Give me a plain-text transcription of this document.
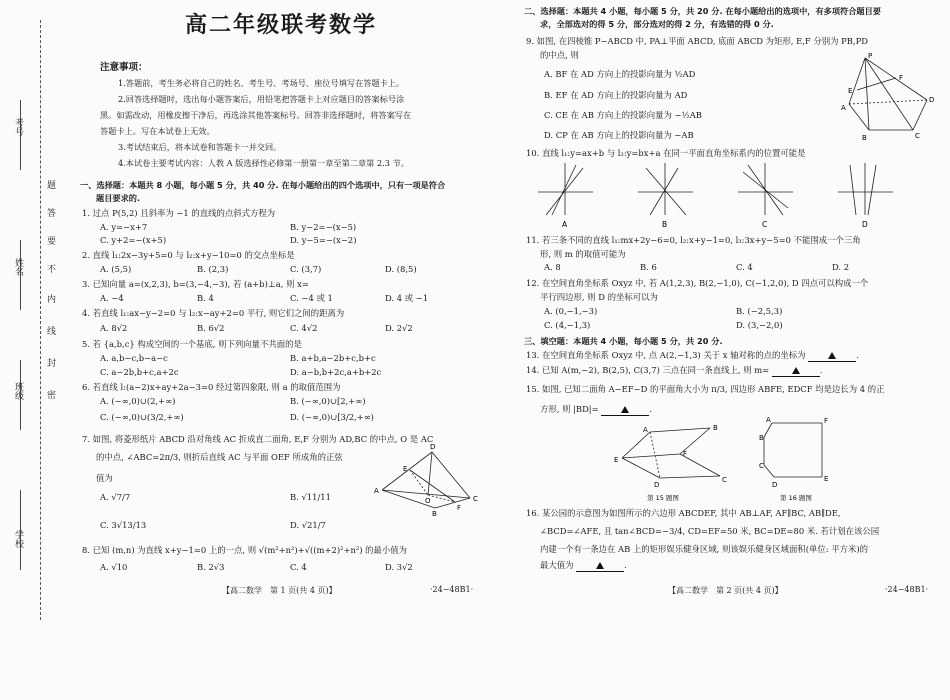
考号
姓名
班级
学校
题
答
要
不
内
线
封
密
高二年级联考数学
注意事项：
1.答题前，考生务必将自己的姓名、考生号、考场号、座位号填写在答题卡上。
2.回答选择题时，选出每小题答案后，用铅笔把答题卡上对应题目的答案标号涂
黑。如需改动，用橡皮擦干净后，再选涂其他答案标号。回答非选择题时，将答案写在
答题卡上。写在本试卷上无效。
3.考试结束后，将本试卷和答题卡一并交回。
4.本试卷主要考试内容：人教 A 版选择性必修第一册第一章至第二章第 2.3 节。
一、选择题：本题共 8 小题，每小题 5 分，共 40 分. 在每小题给出的四个选项中，只有一项是符合
题目要求的.
1. 过点 P(5,2) 且斜率为 −1 的直线的点斜式方程为
A. y=−x+7	B. y−2=−(x−5)
C. y+2=−(x+5)	D. y−5=−(x−2)
2. 直线 l₁:2x−3y+5=0 与 l₂:x+y−10=0 的交点坐标是
A. (5,5)	B. (2,3)	C. (3,7)	D. (8,5)
3. 已知向量 a=(x,2,3), b=(3,−4,−3), 若 (a+b)⊥a, 则 x=
A. −4	B. 4	C. −4 或 1	D. 4 或 −1
4. 若直线 l₁:ax−y−2=0 与 l₂:x−ay+2=0 平行, 则它们之间的距离为
A. 8√2	B. 6√2	C. 4√2	D. 2√2
5. 若 {a,b,c} 构成空间的一个基底, 则下列向量不共面的是
A. a,b−c,b−a−c	B. a+b,a−2b+c,b+c
C. a−2b,b+c,a+2c	D. a−b,b+2c,a+b+2c
6. 若直线 l:(a−2)x+ay+2a−3=0 经过第四象限, 则 a 的取值范围为
A. (−∞,0)∪(2,+∞)	B. (−∞,0)∪[2,+∞)
C. (−∞,0)∪(3/2,+∞)	D. (−∞,0)∪[3/2,+∞)
7. 如图, 将菱形纸片 ABCD 沿对角线 AC 折成直二面角, E,F 分别为 AD,BC 的中点, O 是 AC
的中点, ∠ABC=2π/3, 则折后直线 AC 与平面 OEF 所成角的正弦
值为
A. √7/7	B. √11/11
C. 3√13/13	D. √21/7
D
E
A
O	C
F
B
8. 已知 (m,n) 为直线 x+y−1=0 上的一点, 则 √(m²+n²)+√((m+2)²+n²) 的最小值为
A. √10	B. 2√3	C. 4	D. 3√2
【高二数学　第 1 页(共 4 页)】	·24−48B1·
二、选择题：本题共 4 小题，每小题 5 分，共 20 分. 在每小题给出的选项中，有多项符合题目要
求，全部选对的得 5 分，部分选对的得 2 分，有选错的得 0 分.
9. 如图, 在四棱锥 P−ABCD 中, PA⊥平面 ABCD, 底面 ABCD 为矩形, E,F 分别为 PB,PD
的中点, 则
A. BF 在 AD 方向上的投影向量为 ½AD
B. EF 在 AD 方向上的投影向量为 AD
C. CE 在 AB 方向上的投影向量为 −½AB
D. CP 在 AB 方向上的投影向量为 −AB
P
F
E
A
D
B	C
10. 直线 l₁:y=ax+b 与 l₂:y=bx+a 在同一平面直角坐标系内的位置可能是
A	B	C	D
11. 若三条不同的直线 l₁:mx+2y−6=0, l₂:x+y−1=0, l₃:3x+y−5=0 不能围成一个三角
形, 则 m 的取值可能为
A. 8	B. 6	C. 4	D. 2
12. 在空间直角坐标系 Oxyz 中, 若 A(1,2,3), B(2,−1,0), C(−1,2,0), D 四点可以构成一个
平行四边形, 则 D 的坐标可以为
A. (0,−1,−3)	B. (−2,5,3)
C. (4,−1,3)	D. (3,−2,0)
三、填空题：本题共 4 小题，每小题 5 分，共 20 分.
13. 在空间直角坐标系 Oxyz 中, 点 A(2,−1,3) 关于 x 轴对称的点的坐标为	.
14. 已知 A(m,−2), B(2,5), C(3,7) 三点在同一条直线上, 则 m=	.
15. 如图, 已知二面角 A−EF−D 的平面角大小为 π/3, 四边形 ABFE, EDCF 均是边长为 4 的正
方形, 则 |BD|=	.
A	B
E
F
D
C
第 15 题图
A	F
B
E
C
D
第 16 题图
16. 某公园的示意图为如图所示的六边形 ABCDEF, 其中 AB⊥AF, AF∥BC, AB∥DE,
∠BCD=∠AFE, 且 tan∠BCD=−3/4, CD=EF=50 米, BC=DE=80 米. 若计划在该公园
内建一个有一条边在 AB 上的矩形娱乐健身区域, 则该娱乐健身区域面积(单位: 平方米)的
最大值为	.
【高二数学　第 2 页(共 4 页)】	·24−48B1·
